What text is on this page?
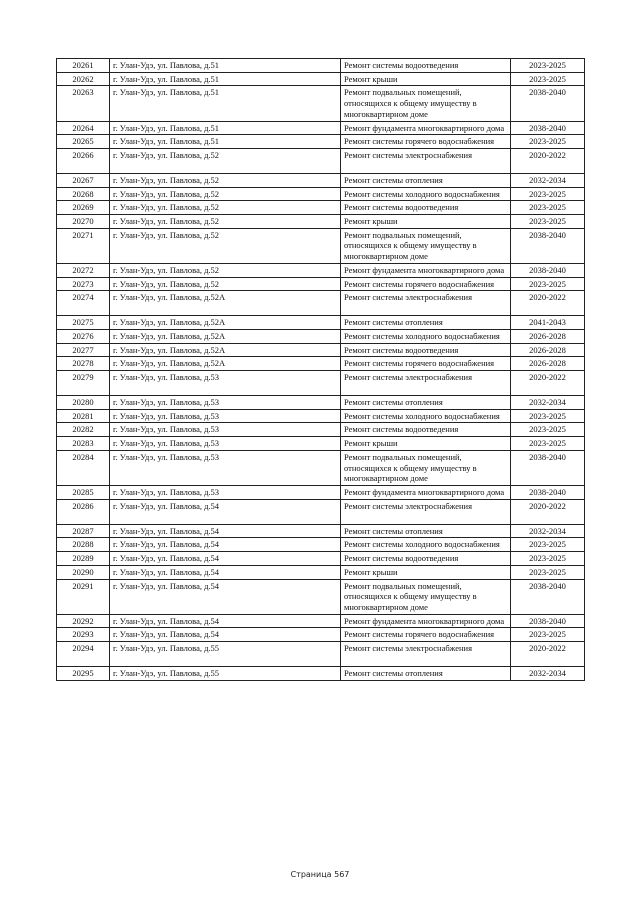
20261	г. Улан-Удэ, ул. Павлова, д.51	Ремонт системы водоотведения	2023-2025
20262	г. Улан-Удэ, ул. Павлова, д.51	Ремонт крыши	2023-2025
20263	г. Улан-Удэ, ул. Павлова, д.51	Ремонт подвальных помещений, относящихся к общему имуществу в многоквартирном доме	2038-2040
20264	г. Улан-Удэ, ул. Павлова, д.51	Ремонт фундамента многоквартирного дома	2038-2040
20265	г. Улан-Удэ, ул. Павлова, д.51	Ремонт системы горячего водоснабжения	2023-2025
20266	г. Улан-Удэ, ул. Павлова, д.52	Ремонт системы электроснабжения	2020-2022
20267	г. Улан-Удэ, ул. Павлова, д.52	Ремонт системы отопления	2032-2034
20268	г. Улан-Удэ, ул. Павлова, д.52	Ремонт системы холодного водоснабжения	2023-2025
20269	г. Улан-Удэ, ул. Павлова, д.52	Ремонт системы водоотведения	2023-2025
20270	г. Улан-Удэ, ул. Павлова, д.52	Ремонт крыши	2023-2025
20271	г. Улан-Удэ, ул. Павлова, д.52	Ремонт подвальных помещений, относящихся к общему имуществу в многоквартирном доме	2038-2040
20272	г. Улан-Удэ, ул. Павлова, д.52	Ремонт фундамента многоквартирного дома	2038-2040
20273	г. Улан-Удэ, ул. Павлова, д.52	Ремонт системы горячего водоснабжения	2023-2025
20274	г. Улан-Удэ, ул. Павлова, д.52А	Ремонт системы электроснабжения	2020-2022
20275	г. Улан-Удэ, ул. Павлова, д.52А	Ремонт системы отопления	2041-2043
20276	г. Улан-Удэ, ул. Павлова, д.52А	Ремонт системы холодного водоснабжения	2026-2028
20277	г. Улан-Удэ, ул. Павлова, д.52А	Ремонт системы водоотведения	2026-2028
20278	г. Улан-Удэ, ул. Павлова, д.52А	Ремонт системы горячего водоснабжения	2026-2028
20279	г. Улан-Удэ, ул. Павлова, д.53	Ремонт системы электроснабжения	2020-2022
20280	г. Улан-Удэ, ул. Павлова, д.53	Ремонт системы отопления	2032-2034
20281	г. Улан-Удэ, ул. Павлова, д.53	Ремонт системы холодного водоснабжения	2023-2025
20282	г. Улан-Удэ, ул. Павлова, д.53	Ремонт системы водоотведения	2023-2025
20283	г. Улан-Удэ, ул. Павлова, д.53	Ремонт крыши	2023-2025
20284	г. Улан-Удэ, ул. Павлова, д.53	Ремонт подвальных помещений, относящихся к общему имуществу в многоквартирном доме	2038-2040
20285	г. Улан-Удэ, ул. Павлова, д.53	Ремонт фундамента многоквартирного дома	2038-2040
20286	г. Улан-Удэ, ул. Павлова, д.54	Ремонт системы электроснабжения	2020-2022
20287	г. Улан-Удэ, ул. Павлова, д.54	Ремонт системы отопления	2032-2034
20288	г. Улан-Удэ, ул. Павлова, д.54	Ремонт системы холодного водоснабжения	2023-2025
20289	г. Улан-Удэ, ул. Павлова, д.54	Ремонт системы водоотведения	2023-2025
20290	г. Улан-Удэ, ул. Павлова, д.54	Ремонт крыши	2023-2025
20291	г. Улан-Удэ, ул. Павлова, д.54	Ремонт подвальных помещений, относящихся к общему имуществу в многоквартирном доме	2038-2040
20292	г. Улан-Удэ, ул. Павлова, д.54	Ремонт фундамента многоквартирного дома	2038-2040
20293	г. Улан-Удэ, ул. Павлова, д.54	Ремонт системы горячего водоснабжения	2023-2025
20294	г. Улан-Удэ, ул. Павлова, д.55	Ремонт системы электроснабжения	2020-2022
20295	г. Улан-Удэ, ул. Павлова, д.55	Ремонт системы отопления	2032-2034
Страница 567
